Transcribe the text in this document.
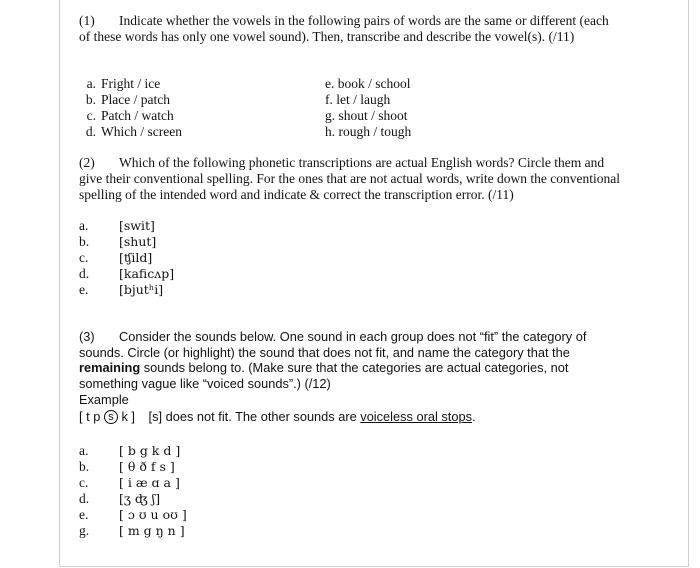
(1) Indicate whether the vowels in the following pairs of words are the same or different (each of these words has only one vowel sound). Then, transcribe and describe the vowel(s). (/11)
a. Fright / ice
b. Place / patch
c. Patch / watch
d. Which / screen
e. book / school
f. let / laugh
g. shout / shoot
h. rough / tough
(2) Which of the following phonetic transcriptions are actual English words? Circle them and give their conventional spelling. For the ones that are not actual words, write down the conventional spelling of the intended word and indicate & correct the transcription error. (/11)
a. [swit]
b. [shut]
c. [ʧild]
d. [kaficʌp]
e. [bjutʰi]
(3) Consider the sounds below. One sound in each group does not “fit” the category of sounds. Circle (or highlight) the sound that does not fit, and name the category that the remaining sounds belong to. (Make sure that the categories are actual categories, not something vague like “voiced sounds”.) (/12)
Example
[ t p s k ] [s] does not fit. The other sounds are voiceless oral stops.
a. [ b g k d ]
b. [ θ ð f s ]
c. [ i æ ɑ a ]
d. [ʒ ʤ ʃ]
e. [ ɔ ʊ u oʊ ]
g. [ m g ŋ n ]
